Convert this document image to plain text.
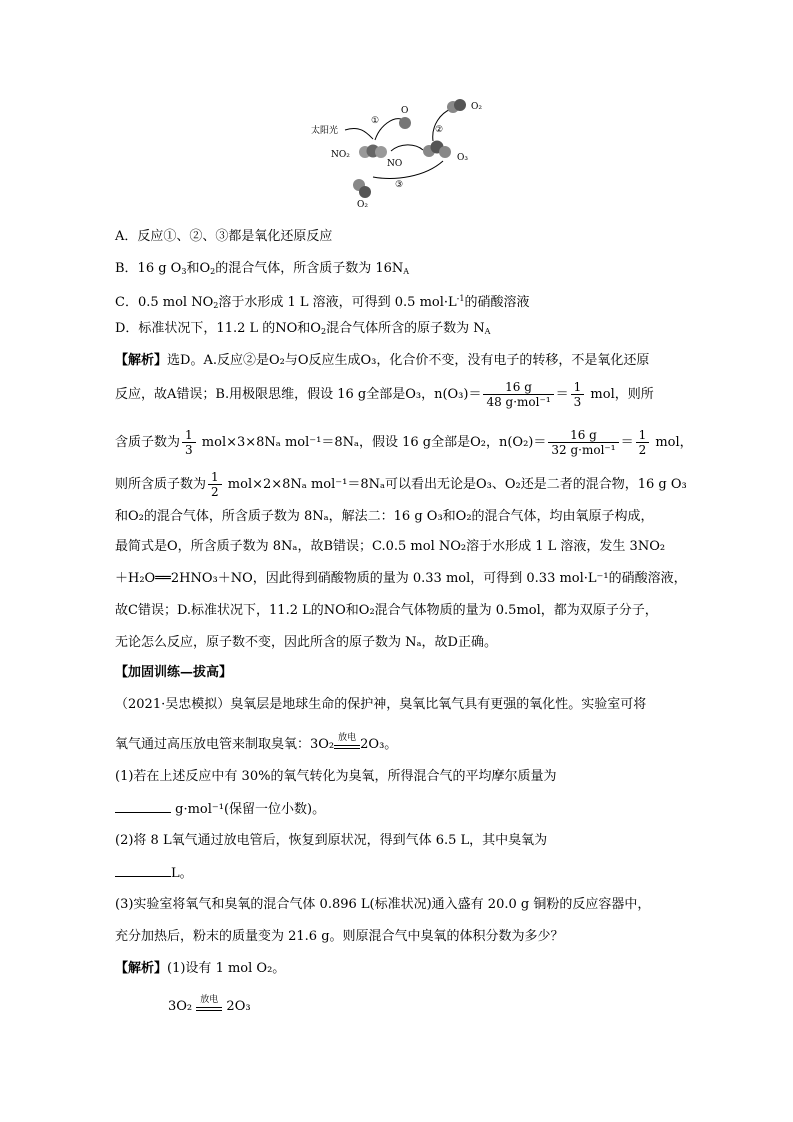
太阳光
①
O
NO₂
NO
O₃
②
O₂
③
O₂
A．反应①、②、③都是氧化还原反应
B．16 g $O_3$和$O_2$的混合气体，所含质子数为 $16N_A$
C．0.5 mol $NO_2$溶于水形成 1 L 溶液，可得到 0.5 $mol\cdot L^{-1}$的硝酸溶液
D．标准状况下，11.2 L 的NO和$O_2$混合气体所含的原子数为 $N_A$
【解析】选D。A.反应②是O₂与O反应生成O₃，化合价不变，没有电子的转移，不是氧化还原
反应，故A错误；B.用极限思维，假设 16 g全部是O₃，$n(O_3)= \frac{16 g}{\text{48 g·mol⁻¹}} = \frac{1}{3}$ mol，则所
含质子数为 $\frac{1}{3} mol\times 3\times 8N_a$ mol⁻¹＝8Nₐ，假设 16 g全部是O₂，$n(O_2)= \frac{16 g}{\text{32 g·mol⁻¹}} = \frac{1}{2}$ mol，
则所含质子数为 $\frac{1}{2} mol\times 2\times 8N_a$ mol⁻¹＝8Nₐ可以看出无论是O₃、O₂还是二者的混合物，16 g O₃
和O₂的混合气体，所含质子数为 8Nₐ，解法二：16 g O₃和O₂的混合气体，均由氧原子构成，
最简式是O，所含质子数为 8Nₐ，故B错误；C.0.5 mol NO₂溶于水形成 1 L 溶液，发生 3NO₂
＋H₂O══2HNO₃＋NO，因此得到硝酸物质的量为 0.33 mol，可得到 0.33 mol·L⁻¹的硝酸溶液，
故C错误；D.标准状况下，11.2 L的NO和O₂混合气体物质的量为 0.5mol，都为双原子分子，
无论怎么反应，原子数不变，因此所含的原子数为 Nₐ，故D正确。
【加固训练—拔高】
（2021·吴忠模拟）臭氧层是地球生命的保护神，臭氧比氧气具有更强的氧化性。实验室可将
氧气通过高压放电管来制取臭氧：3O₂ 放电 2O₃。
(1)若在上述反应中有 30%的氧气转化为臭氧，所得混合气的平均摩尔质量为
g·mol⁻¹(保留一位小数)。
(2)将 8 L氧气通过放电管后，恢复到原状况，得到气体 6.5 L，其中臭氧为
L。
(3)实验室将氧气和臭氧的混合气体 0.896 L(标准状况)通入盛有 20.0 g 铜粉的反应容器中，
充分加热后，粉末的质量变为 21.6 g。则原混合气中臭氧的体积分数为多少？
【解析】(1)设有 1 mol O₂。
3O₂ 放电 2O₃
